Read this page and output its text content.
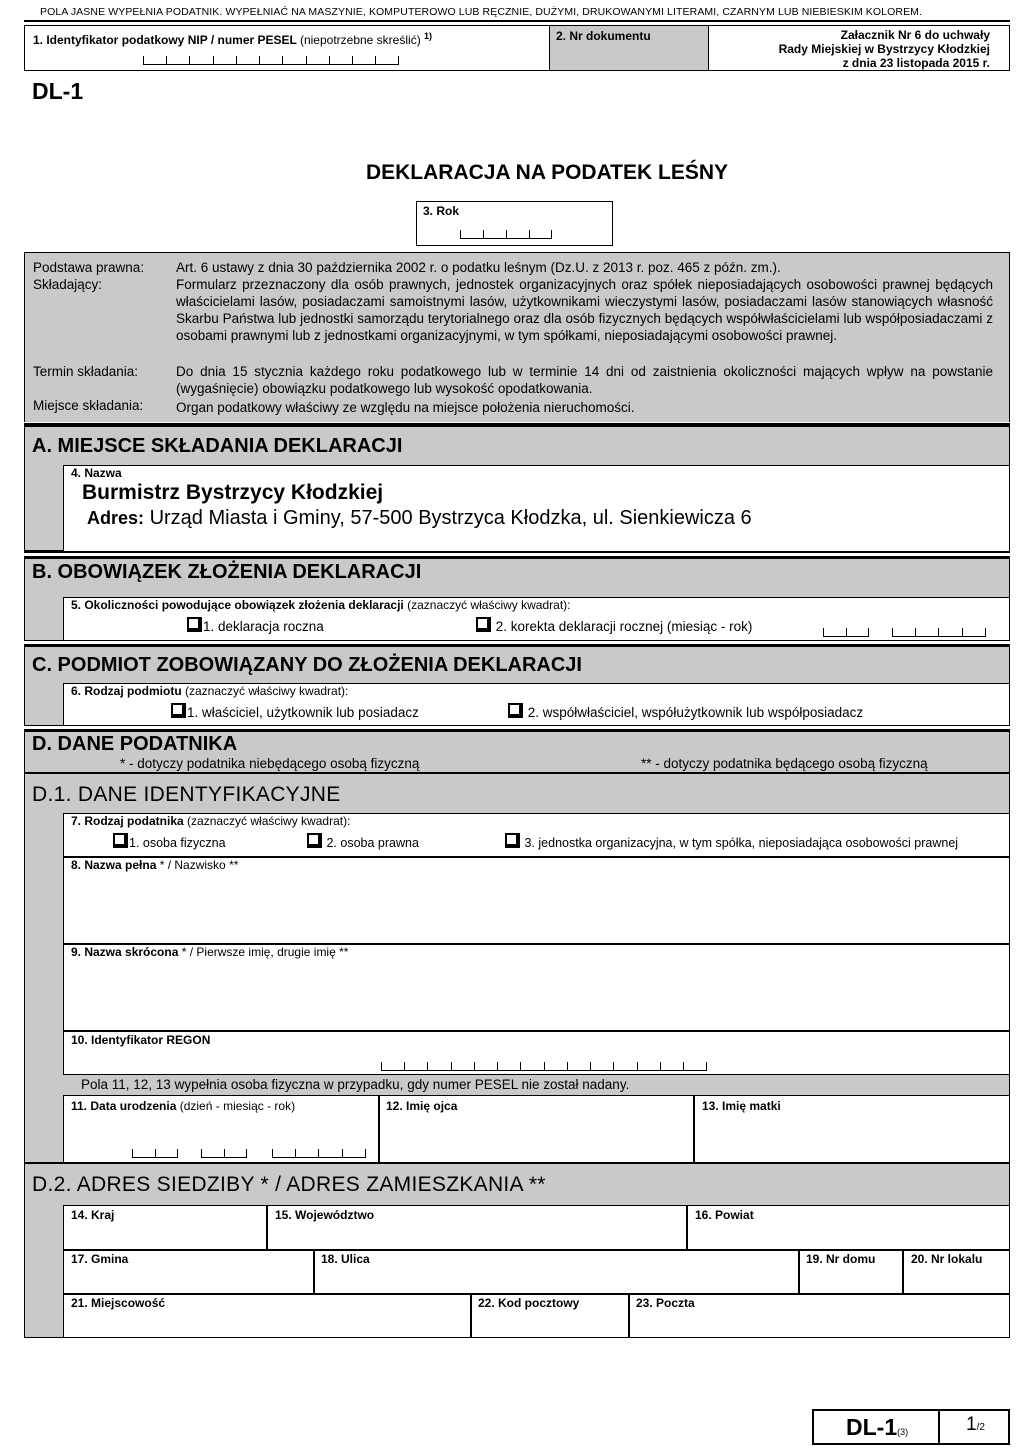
POLA JASNE WYPEŁNIA PODATNIK. WYPEŁNIAĆ NA MASZYNIE, KOMPUTEROWO LUB RĘCZNIE, DUŻYMI, DRUKOWANYMI LITERAMI, CZARNYM LUB NIEBIESKIM KOLOREM.
1. Identyfikator podatkowy NIP / numer PESEL (niepotrzebne skreślić) $^{1)}$	2. Nr dokumentu	Załacznik Nr 6 do uchwały
Rady Miejskiej w Bystrzycy Kłodzkiej
z dnia 23 listopada 2015 r.
DL-1
DEKLARACJA NA PODATEK LEŚNY
3. Rok
Podstawa prawna: Art. 6 ustawy z dnia 30 października 2002 r. o podatku leśnym (Dz.U. z 2013 r. poz. 465 z późn. zm.).
Składający:	Formularz przeznaczony dla osób prawnych, jednostek organizacyjnych oraz spółek nieposiadających osobowości prawnej będących właścicielami lasów, posiadaczami samoistnymi lasów, użytkownikami wieczystymi lasów, posiadaczami lasów stanowiących własność Skarbu Państwa lub jednostki samorządu terytorialnego oraz dla osób fizycznych będących współwłaścicielami lub współposiadaczami z osobami prawnymi lub z jednostkami organizacyjnymi, w tym spółkami, nieposiadającymi osobowości prawnej.
Termin składania:	Do dnia 15 stycznia każdego roku podatkowego lub w terminie 14 dni od zaistnienia okoliczności mających wpływ na powstanie (wygaśnięcie) obowiązku podatkowego lub wysokość opodatkowania.
Miejsce składania: Organ podatkowy właściwy ze względu na miejsce położenia nieruchomości.
A. MIEJSCE SKŁADANIA DEKLARACJI
4. Nazwa
Burmistrz Bystrzycy Kłodzkiej
Adres: Urząd Miasta i Gminy, 57-500 Bystrzyca Kłodzka, ul. Sienkiewicza 6
B. OBOWIĄZEK ZŁOŻENIA DEKLARACJI
5. Okoliczności powodujące obowiązek złożenia deklaracji (zaznaczyć właściwy kwadrat):
1. deklaracja roczna	2. korekta deklaracji rocznej (miesiąc - rok)
C. PODMIOT ZOBOWIĄZANY DO ZŁOŻENIA DEKLARACJI
6. Rodzaj podmiotu (zaznaczyć właściwy kwadrat):
1. właściciel, użytkownik lub posiadacz	2. współwłaściciel, współużytkownik lub współposiadacz
D. DANE PODATNIKA
* - dotyczy podatnika niebędącego osobą fizyczną	** - dotyczy podatnika będącego osobą fizyczną
D.1. DANE IDENTYFIKACYJNE
7. Rodzaj podatnika (zaznaczyć właściwy kwadrat):
1. osoba fizyczna	2. osoba prawna	3. jednostka organizacyjna, w tym spółka, nieposiadająca osobowości prawnej
8. Nazwa pełna * / Nazwisko **
9. Nazwa skrócona * / Pierwsze imię, drugie imię **
10. Identyfikator REGON
Pola 11, 12, 13 wypełnia osoba fizyczna w przypadku, gdy numer PESEL nie został nadany.
11. Data urodzenia (dzień - miesiąc - rok)	12. Imię ojca	13. Imię matki
D.2. ADRES SIEDZIBY * / ADRES ZAMIESZKANIA **
14. Kraj	15. Województwo	16. Powiat
17. Gmina	18. Ulica	19. Nr domu	20. Nr lokalu
21. Miejscowość	22. Kod pocztowy	23. Poczta
DL-1(3)	1/2
